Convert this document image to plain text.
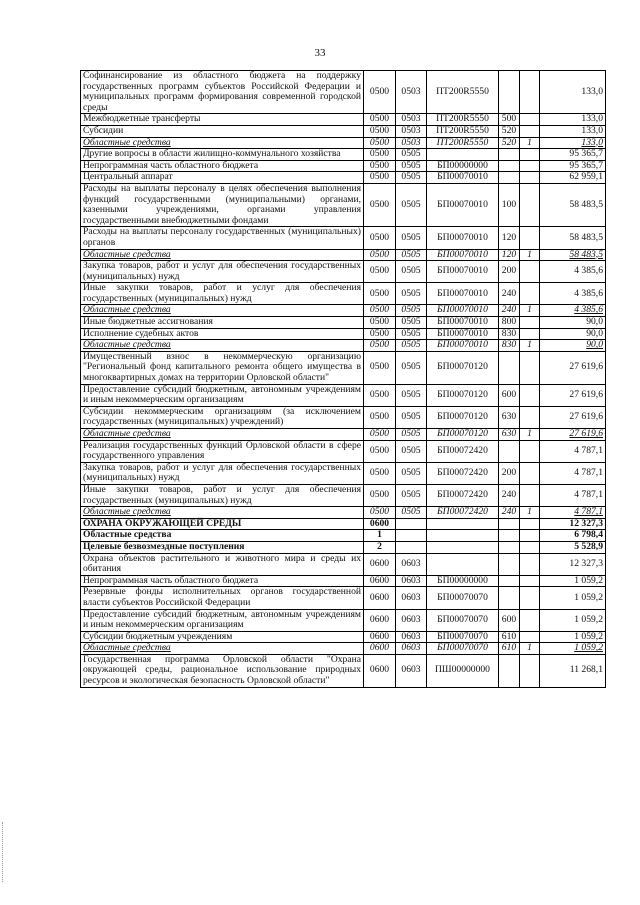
33
Софинансирование из областного бюджета на поддержку государственных программ субъектов Российской Федерации и муниципальных программ формирования современной городской среды	0500	0503	ПТ200R5550			133,0
Межбюджетные трансферты	0500	0503	ПТ200R5550	500		133,0
Субсидии	0500	0503	ПТ200R5550	520		133,0
Областные средства	0500	0503	ПТ200R5550	520	1	133,0
Другие вопросы в области жилищно-коммунального хозяйства	0500	0505				95 365,7
Непрограммная часть областного бюджета	0500	0505	БП00000000			95 365,7
Центральный аппарат	0500	0505	БП00070010			62 959,1
Расходы на выплаты персоналу в целях обеспечения выполнения функций государственными (муниципальными) органами, казенными учреждениями, органами управления государственными внебюджетными фондами	0500	0505	БП00070010	100		58 483,5
Расходы на выплаты персоналу государственных (муниципальных) органов	0500	0505	БП00070010	120		58 483,5
Областные средства	0500	0505	БП00070010	120	1	58 483,5
Закупка товаров, работ и услуг для обеспечения государственных (муниципальных) нужд	0500	0505	БП00070010	200		4 385,6
Иные закупки товаров, работ и услуг для обеспечения государственных (муниципальных) нужд	0500	0505	БП00070010	240		4 385,6
Областные средства	0500	0505	БП00070010	240	1	4 385,6
Иные бюджетные ассигнования	0500	0505	БП00070010	800		90,0
Исполнение судебных актов	0500	0505	БП00070010	830		90,0
Областные средства	0500	0505	БП00070010	830	1	90,0
Имущественный взнос в некоммерческую организацию "Региональный фонд капитального ремонта общего имущества в многоквартирных домах на территории Орловской области"	0500	0505	БП00070120			27 619,6
Предоставление субсидий бюджетным, автономным учреждениям и иным некоммерческим организациям	0500	0505	БП00070120	600		27 619,6
Субсидии некоммерческим организациям (за исключением государственных (муниципальных) учреждений)	0500	0505	БП00070120	630		27 619,6
Областные средства	0500	0505	БП00070120	630	1	27 619,6
Реализация государственных функций Орловской области в сфере государственного управления	0500	0505	БП00072420			4 787,1
Закупка товаров, работ и услуг для обеспечения государственных (муниципальных) нужд	0500	0505	БП00072420	200		4 787,1
Иные закупки товаров, работ и услуг для обеспечения государственных (муниципальных) нужд	0500	0505	БП00072420	240		4 787,1
Областные средства	0500	0505	БП00072420	240	1	4 787,1
ОХРАНА ОКРУЖАЮЩЕЙ СРЕДЫ	0600					12 327,3
Областные средства	1					6 798,4
Целевые безвозмездные поступления	2					5 528,9
Охрана объектов растительного и животного мира и среды их обитания	0600	0603				12 327,3
Непрограммная часть областного бюджета	0600	0603	БП00000000			1 059,2
Резервные фонды исполнительных органов государственной власти субъектов Российской Федерации	0600	0603	БП00070070			1 059,2
Предоставление субсидий бюджетным, автономным учреждениям и иным некоммерческим организациям	0600	0603	БП00070070	600		1 059,2
Субсидии бюджетным учреждениям	0600	0603	БП00070070	610		1 059,2
Областные средства	0600	0603	БП00070070	610	1	1 059,2
Государственная программа Орловской области "Охрана окружающей среды, рациональное использование природных ресурсов и экологическая безопасность Орловской области"	0600	0603	ПШ00000000			11 268,1
